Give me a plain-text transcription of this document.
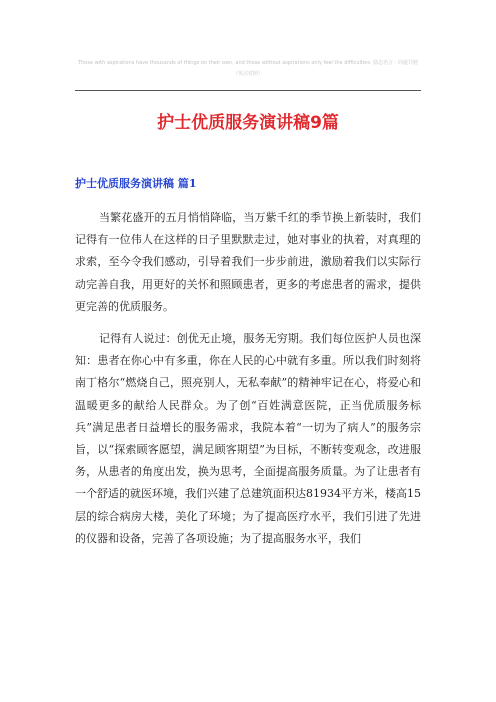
Those with aspirations have thousands of things on their own, and those without aspirations only feel the difficulties. 励志名言 · 同道共勉（英汉对照）
护士优质服务演讲稿9篇
护士优质服务演讲稿 篇1

当繁花盛开的五月悄悄降临，当万紫千红的季节换上新装时，我们记得有一位伟人在这样的日子里默默走过，她对事业的执着，对真理的求索，至今令我们感动，引导着我们一步步前进，激励着我们以实际行动完善自我，用更好的关怀和照顾患者，更多的考虑患者的需求，提供更完善的优质服务。

记得有人说过：创优无止境，服务无穷期。我们每位医护人员也深知：患者在你心中有多重，你在人民的心中就有多重。所以我们时刻将南丁格尔“燃烧自己，照亮别人，无私奉献”的精神牢记在心，将爱心和温暖更多的献给人民群众。为了创“百姓满意医院，正当优质服务标兵”满足患者日益增长的服务需求，我院本着“一切为了病人”的服务宗旨，以“探索顾客愿望，满足顾客期望”为目标，不断转变观念，改进服务，从患者的角度出发，换为思考，全面提高服务质量。为了让患者有一个舒适的就医环境，我们兴建了总建筑面积达81934平方米，楼高15层的综合病房大楼，美化了环境；为了提高医疗水平，我们引进了先进的仪器和设备，完善了各项设施；为了提高服务水平，我们
